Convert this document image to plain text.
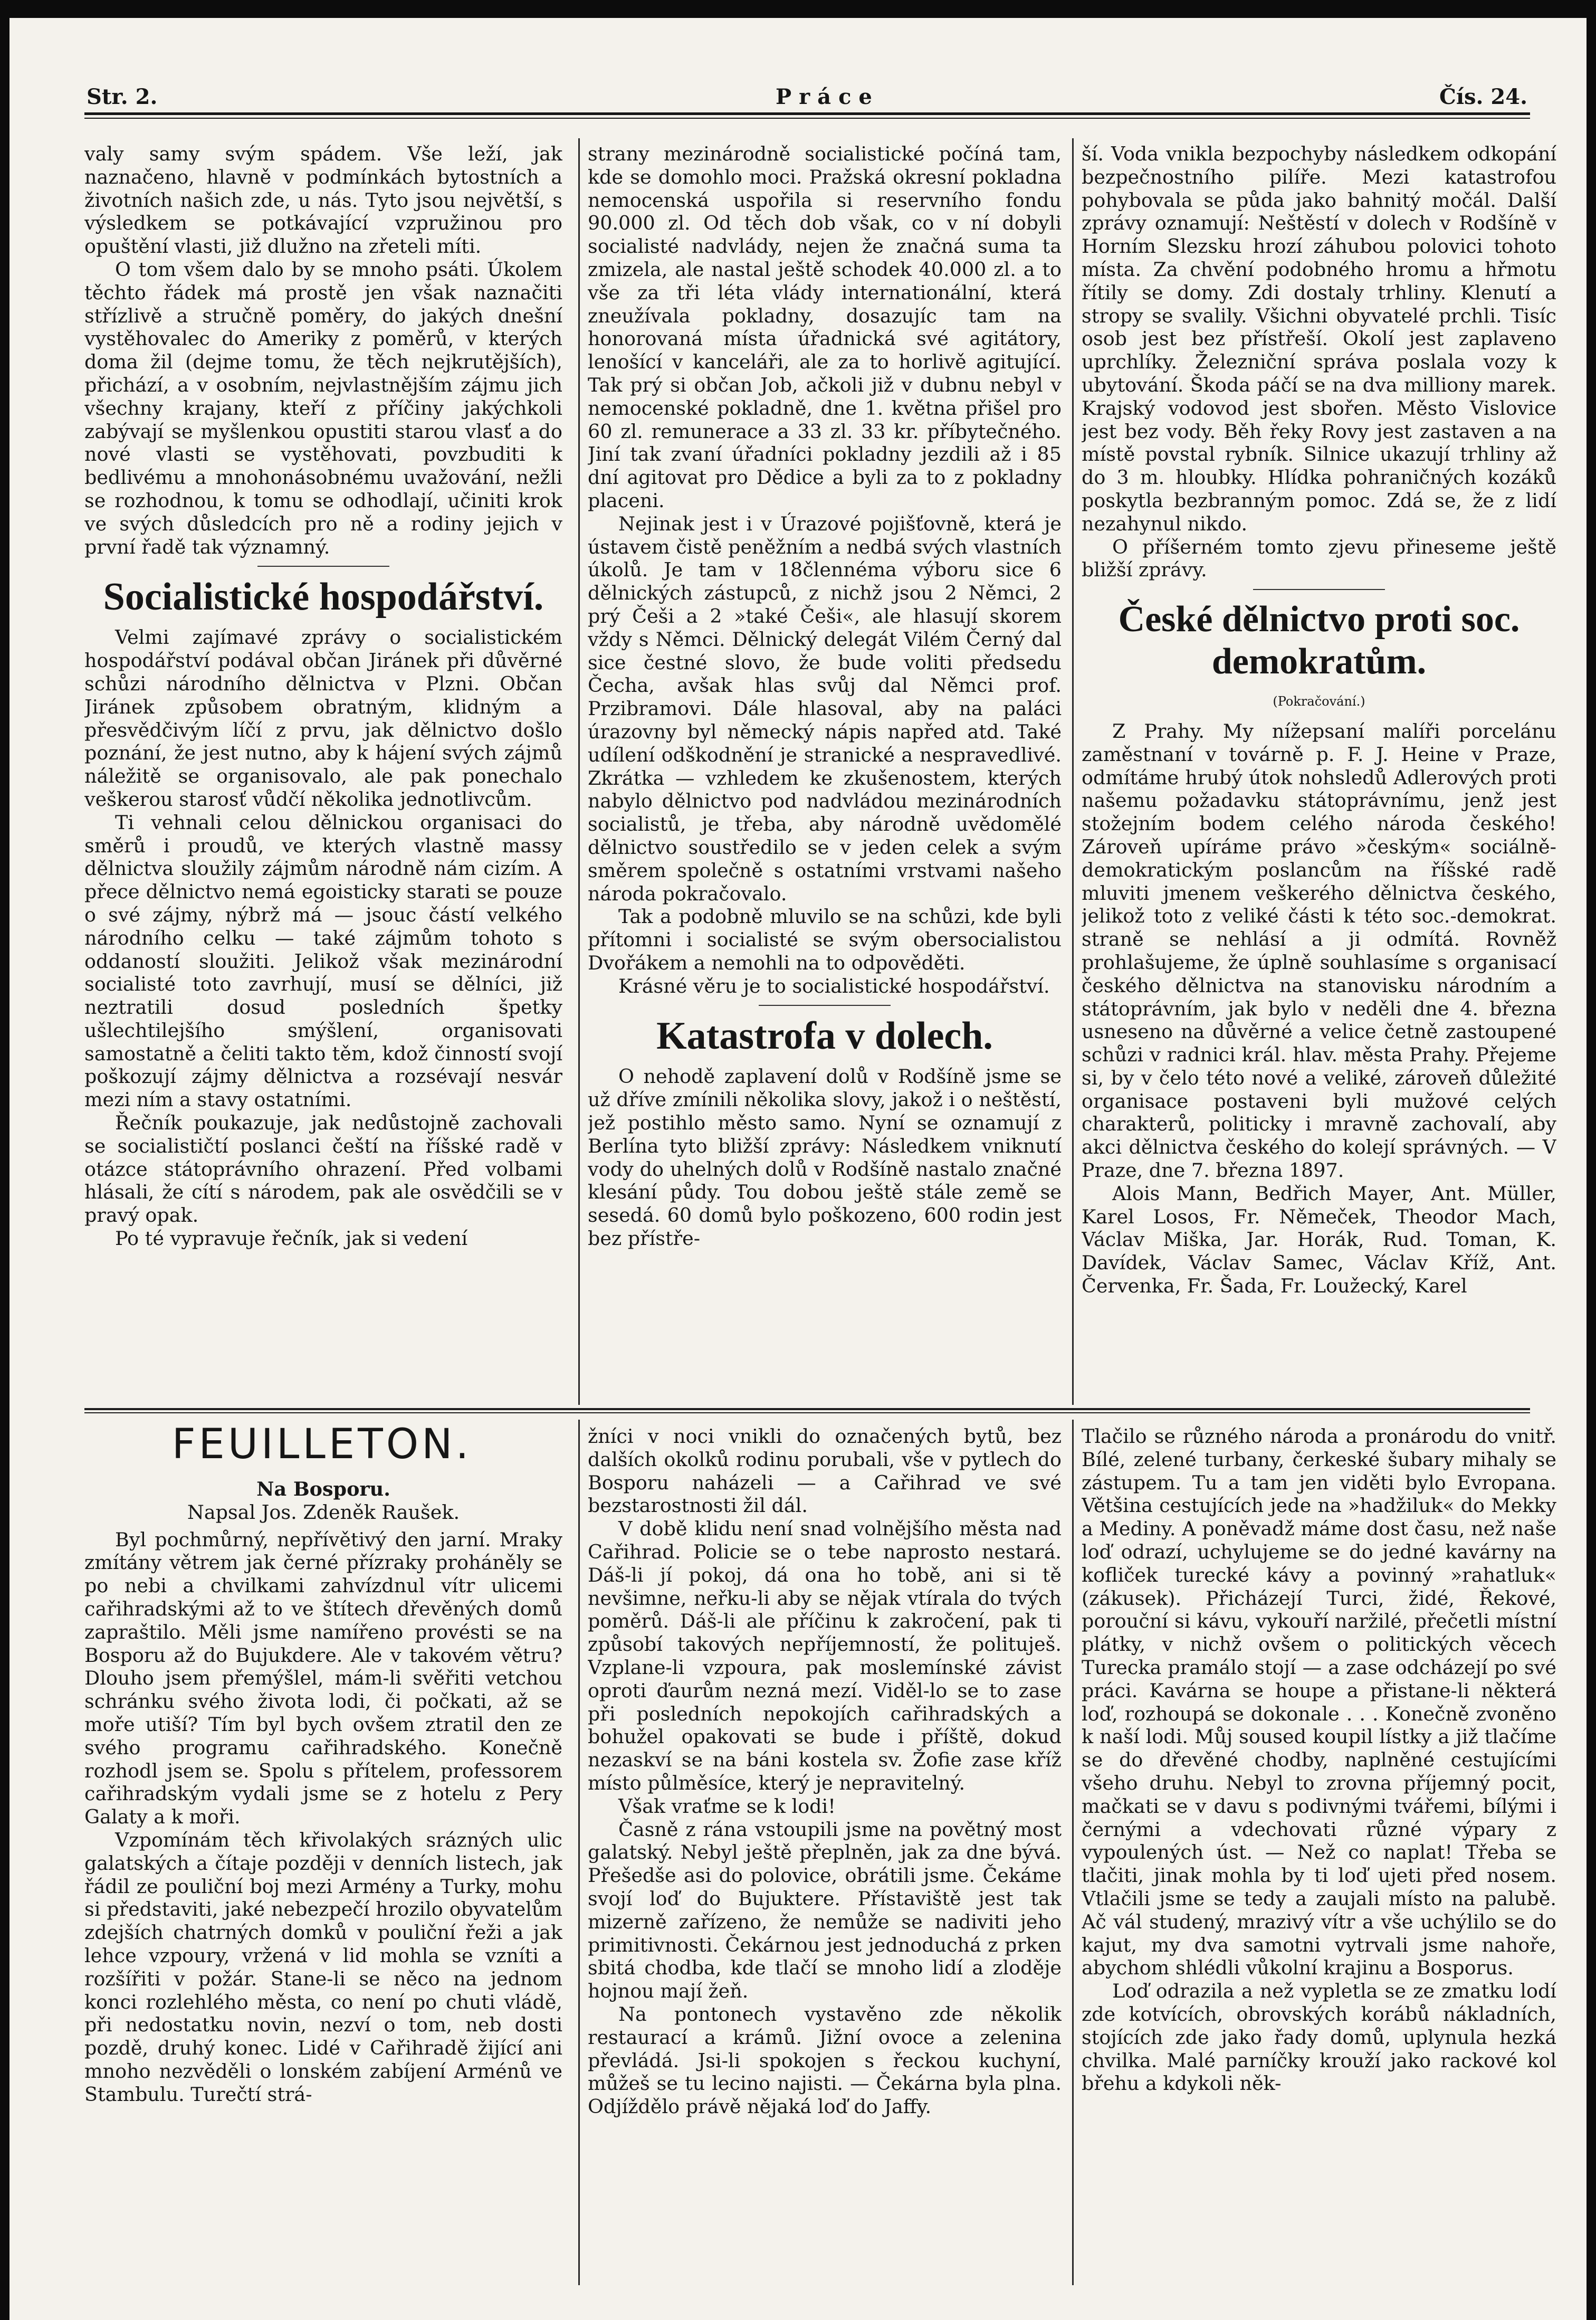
Str. 2.	Práce	Čís. 24.

valy samy svým spádem. Vše leží, jak naznačeno, hlavně v podmínkách bytostních a životních našich zde, u nás. Tyto jsou největší, s výsledkem se potkávající vzpružinou pro opuštění vlasti, již dlužno na zřeteli míti.

O tom všem dalo by se mnoho psáti. Úkolem těchto řádek má prostě jen však naznačiti střízlivě a stručně poměry, do jakých dnešní vystěhovalec do Ameriky z poměrů, v kterých doma žil (dejme tomu, že těch nejkrutějších), přichází, a v osobním, nejvlastnějším zájmu jich všechny krajany, kteří z příčiny jakýchkoli zabývají se myšlenkou opustiti starou vlasť a do nové vlasti se vystěhovati, povzbuditi k bedlivému a mnohonásobnému uvažování, nežli se rozhodnou, k tomu se odhodlají, učiniti krok ve svých důsledcích pro ně a rodiny jejich v první řadě tak významný.

Socialistické hospodářství.

Velmi zajímavé zprávy o socialistickém hospodářství podával občan Jiránek při důvěrné schůzi národního dělnictva v Plzni. Občan Jiránek způsobem obratným, klidným a přesvědčivým líčí z prvu, jak dělnictvo došlo poznání, že jest nutno, aby k hájení svých zájmů náležitě se organisovalo, ale pak ponechalo veškerou starosť vůdčí několika jednotlivcům.

Ti vehnali celou dělnickou organisaci do směrů i proudů, ve kterých vlastně massy dělnictva sloužily zájmům národně nám cizím. A přece dělnictvo nemá egoisticky starati se pouze o své zájmy, nýbrž má — jsouc částí velkého národního celku — také zájmům tohoto s oddaností sloužiti. Jelikož však mezinárodní socialisté toto zavrhují, musí se dělníci, již neztratili dosud posledních špetky ušlechtilejšího smýšlení, organisovati samostatně a čeliti takto těm, kdož činností svojí poškozují zájmy dělnictva a rozsévají nesvár mezi ním a stavy ostatními.

Řečník poukazuje, jak nedůstojně zachovali se socialističtí poslanci čeští na říšské radě v otázce státoprávního ohrazení. Před volbami hlásali, že cítí s národem, pak ale osvědčili se v pravý opak.

Po té vypravuje řečník, jak si vedení

strany mezinárodně socialistické počíná tam, kde se domohlo moci. Pražská okresní pokladna nemocenská uspořila si reservního fondu 90.000 zl. Od těch dob však, co v ní dobyli socialisté nadvlády, nejen že značná suma ta zmizela, ale nastal ještě schodek 40.000 zl. a to vše za tři léta vlády internationální, která zneužívala pokladny, dosazujíc tam na honorovaná místa úřadnická své agitátory, lenošící v kanceláři, ale za to horlivě agitující. Tak prý si občan Job, ačkoli již v dubnu nebyl v nemocenské pokladně, dne 1. května přišel pro 60 zl. remunerace a 33 zl. 33 kr. příbytečného. Jiní tak zvaní úřadníci pokladny jezdili až i 85 dní agitovat pro Dědice a byli za to z pokladny placeni.

Nejinak jest i v Úrazové pojišťovně, která je ústavem čistě peněžním a nedbá svých vlastních úkolů. Je tam v 18člennéma výboru sice 6 dělnických zástupců, z nichž jsou 2 Němci, 2 prý Češi a 2 »také Češi«, ale hlasují skorem vždy s Němci. Dělnický delegát Vilém Černý dal sice čestné slovo, že bude voliti předsedu Čecha, avšak hlas svůj dal Němci prof. Przibramovi. Dále hlasoval, aby na paláci úrazovny byl německý nápis napřed atd. Také udílení odškodnění je stranické a nespravedlivé. Zkrátka — vzhledem ke zkušenostem, kterých nabylo dělnictvo pod nadvládou mezinárodních socialistů, je třeba, aby národně uvědomělé dělnictvo soustředilo se v jeden celek a svým směrem společně s ostatními vrstvami našeho národa pokračovalo.

Tak a podobně mluvilo se na schůzi, kde byli přítomni i socialisté se svým obersocialistou Dvořákem a nemohli na to odpověděti.

Krásné věru je to socialistické hospodářství.

Katastrofa v dolech.

O nehodě zaplavení dolů v Rodšíně jsme se už dříve zmínili několika slovy, jakož i o neštěstí, jež postihlo město samo. Nyní se oznamují z Berlína tyto bližší zprávy: Následkem vniknutí vody do uhelných dolů v Rodšíně nastalo značné klesání půdy. Tou dobou ještě stále země se sesedá. 60 domů bylo poškozeno, 600 rodin jest bez přístře-

ší. Voda vnikla bezpochyby následkem odkopání bezpečnostního pilíře. Mezi katastrofou pohybovala se půda jako bahnitý močál. Další zprávy oznamují: Neštěstí v dolech v Rodšíně v Horním Slezsku hrozí záhubou polovici tohoto místa. Za chvění podobného hromu a hřmotu řítily se domy. Zdi dostaly trhliny. Klenutí a stropy se svalily. Všichni obyvatelé prchli. Tisíc osob jest bez přístřeší. Okolí jest zaplaveno uprchlíky. Železniční správa poslala vozy k ubytování. Škoda páčí se na dva milliony marek. Krajský vodovod jest sbořen. Město Vislovice jest bez vody. Běh řeky Rovy jest zastaven a na místě povstal rybník. Silnice ukazují trhliny až do 3 m. hloubky. Hlídka pohraničných kozáků poskytla bezbranným pomoc. Zdá se, že z lidí nezahynul nikdo.

O příšerném tomto zjevu přineseme ještě bližší zprávy.

České dělnictvo proti soc. demokratům.
(Pokračování.)

Z Prahy. My nížepsaní malíři porcelánu zaměstnaní v továrně p. F. J. Heine v Praze, odmítáme hrubý útok nohsledů Adlerových proti našemu požadavku státoprávnímu, jenž jest stožejním bodem celého národa českého! Zároveň upíráme právo »českým« sociálně-demokratickým poslancům na říšské radě mluviti jmenem veškerého dělnictva českého, jelikož toto z veliké části k této soc.-demokrat. straně se nehlásí a ji odmítá. Rovněž prohlašujeme, že úplně souhlasíme s organisací českého dělnictva na stanovisku národním a státoprávním, jak bylo v neděli dne 4. března usneseno na důvěrné a velice četně zastoupené schůzi v radnici král. hlav. města Prahy. Přejeme si, by v čelo této nové a veliké, zároveň důležité organisace postaveni byli mužové celých charakterů, politicky i mravně zachovalí, aby akci dělnictva českého do kolejí správných. — V Praze, dne 7. března 1897.

Alois Mann, Bedřich Mayer, Ant. Müller, Karel Losos, Fr. Němeček, Theodor Mach, Václav Miška, Jar. Horák, Rud. Toman, K. Davídek, Václav Samec, Václav Kříž, Ant. Červenka, Fr. Šada, Fr. Loužecký, Karel

FEUILLETON.

Na Bosporu.

Napsal Jos. Zdeněk Raušek.

Byl pochmůrný, nepřívětivý den jarní. Mraky zmítány větrem jak černé přízraky proháněly se po nebi a chvilkami zahvízdnul vítr ulicemi cařihradskými až to ve štítech dřevěných domů zapraštilo. Měli jsme namířeno provésti se na Bosporu až do Bujukdere. Ale v takovém větru? Dlouho jsem přemýšlel, mám-li svěřiti vetchou schránku svého života lodi, či počkati, až se moře utiší? Tím byl bych ovšem ztratil den ze svého programu cařihradského. Konečně rozhodl jsem se. Spolu s přítelem, professorem cařihradským vydali jsme se z hotelu z Pery Galaty a k moři.

Vzpomínám těch křivolakých srázných ulic galatských a čítaje později v denních listech, jak řádil ze pouliční boj mezi Armény a Turky, mohu si představiti, jaké nebezpečí hrozilo obyvatelům zdejších chatrných domků v pouliční řeži a jak lehce vzpoury, vržená v lid mohla se vzníti a rozšířiti v požár. Stane-li se něco na jednom konci rozlehlého města, co není po chuti vládě, při nedostatku novin, nezví o tom, neb dosti pozdě, druhý konec. Lidé v Cařihradě žijící ani mnoho nezvěděli o lonském zabíjení Arménů ve Stambulu. Turečtí strá-

žníci v noci vnikli do označených bytů, bez dalších okolků rodinu porubali, vše v pytlech do Bosporu naházeli — a Cařihrad ve své bezstarostnosti žil dál.

V době klidu není snad volnějšího města nad Cařihrad. Policie se o tebe naprosto nestará. Dáš-li jí pokoj, dá ona ho tobě, ani si tě nevšimne, neřku-li aby se nějak vtírala do tvých poměrů. Dáš-li ale příčinu k zakročení, pak ti způsobí takových nepříjemností, že polituješ. Vzplane-li vzpoura, pak moslemínské závist oproti ďaurům nezná mezí. Viděl-lo se to zase při posledních nepokojích cařihradských a bohužel opakovati se bude i příště, dokud nezaskví se na báni kostela sv. Žofie zase kříž místo půlměsíce, který je nepravitelný.

Však vraťme se k lodi!

Časně z rána vstoupili jsme na povětný most galatský. Nebyl ještě přeplněn, jak za dne bývá. Přešedše asi do polovice, obrátili jsme. Čekáme svojí loď do Bujuktere. Přístaviště jest tak mizerně zařízeno, že nemůže se nadiviti jeho primitivnosti. Čekárnou jest jednoduchá z prken sbitá chodba, kde tlačí se mnoho lidí a zloděje hojnou mají žeň.

Na pontonech vystavěno zde několik restaurací a krámů. Jižní ovoce a zelenina převládá. Jsi-li spokojen s řeckou kuchyní, můžeš se tu lecino najisti. — Čekárna byla plna. Odjíždělo právě nějaká loď do Jaffy.

Tlačilo se různého národa a pronárodu do vnitř. Bílé, zelené turbany, čerkeské šubary mihaly se zástupem. Tu a tam jen viděti bylo Evropana. Většina cestujících jede na »hadžiluk« do Mekky a Mediny. A poněvadž máme dost času, než naše loď odrazí, uchylujeme se do jedné kavárny na kofliček turecké kávy a povinný »rahatluk« (zákusek). Přicházejí Turci, židé, Řekové, porouční si kávu, vykouří naržilé, přečetli místní plátky, v nichž ovšem o politických věcech Turecka pramálo stojí — a zase odcházejí po své práci. Kavárna se houpe a přistane-li některá loď, rozhoupá se dokonale . . . Konečně zvoněno k naší lodi. Můj soused koupil lístky a již tlačíme se do dřevěné chodby, naplněné cestujícími všeho druhu. Nebyl to zrovna příjemný pocit, mačkati se v davu s podivnými tvářemi, bílými i černými a vdechovati různé výpary z vypoulených úst. — Než co naplat! Třeba se tlačiti, jinak mohla by ti loď ujeti před nosem. Vtlačili jsme se tedy a zaujali místo na palubě. Ač vál studený, mrazivý vítr a vše uchýlilo se do kajut, my dva samotni vytrvali jsme nahoře, abychom shlédli vůkolní krajinu a Bosporus.

Loď odrazila a než vypletla se ze zmatku lodí zde kotvících, obrovských korábů nákladních, stojících zde jako řady domů, uplynula hezká chvilka. Malé parníčky krouží jako rackové kol břehu a kdykoli něk-
